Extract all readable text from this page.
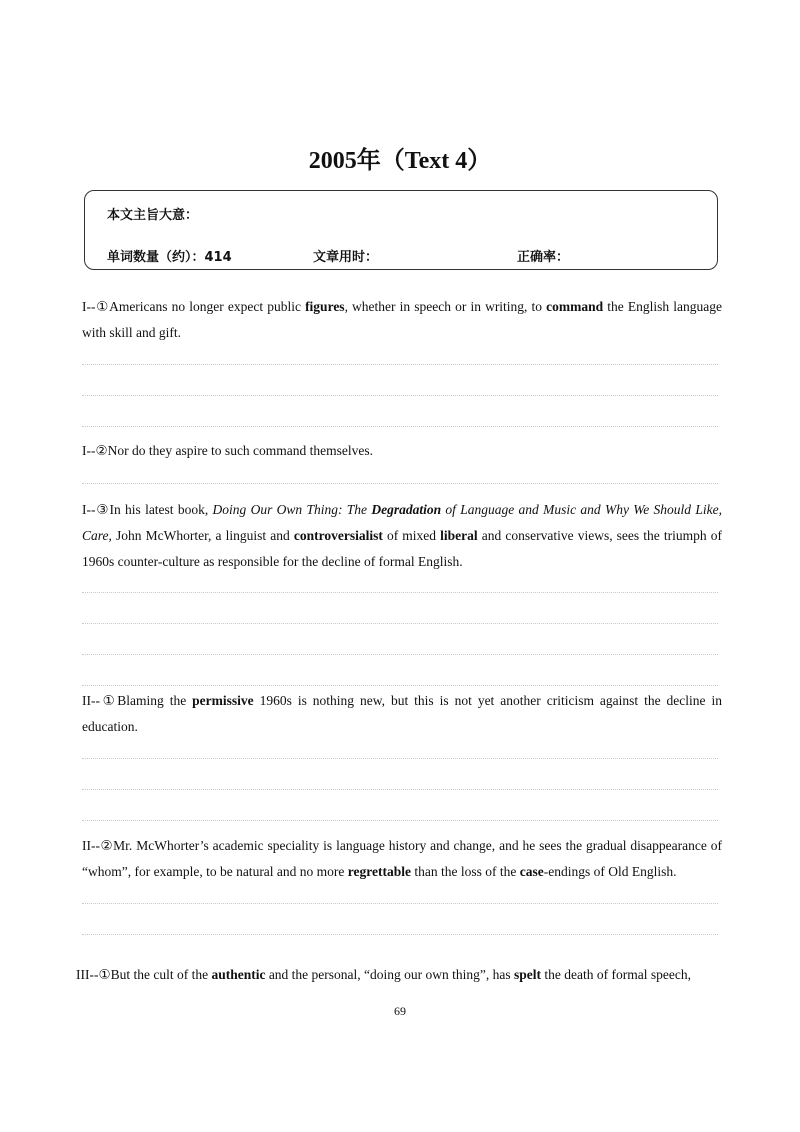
2005年（Text 4）
本文主旨大意：
单词数量（约）：414	文章用时：	正确率：
I--①Americans no longer expect public figures, whether in speech or in writing, to command the English language with skill and gift.
I--②Nor do they aspire to such command themselves.
I--③In his latest book, Doing Our Own Thing: The Degradation of Language and Music and Why We Should Like, Care, John McWhorter, a linguist and controversialist of mixed liberal and conservative views, sees the triumph of 1960s counter-culture as responsible for the decline of formal English.
II--①Blaming the permissive 1960s is nothing new, but this is not yet another criticism against the decline in education.
II--②Mr. McWhorter’s academic speciality is language history and change, and he sees the gradual disappearance of “whom”, for example, to be natural and no more regrettable than the loss of the case-endings of Old English.
III--①But the cult of the authentic and the personal, “doing our own thing”, has spelt the death of formal speech,
69
